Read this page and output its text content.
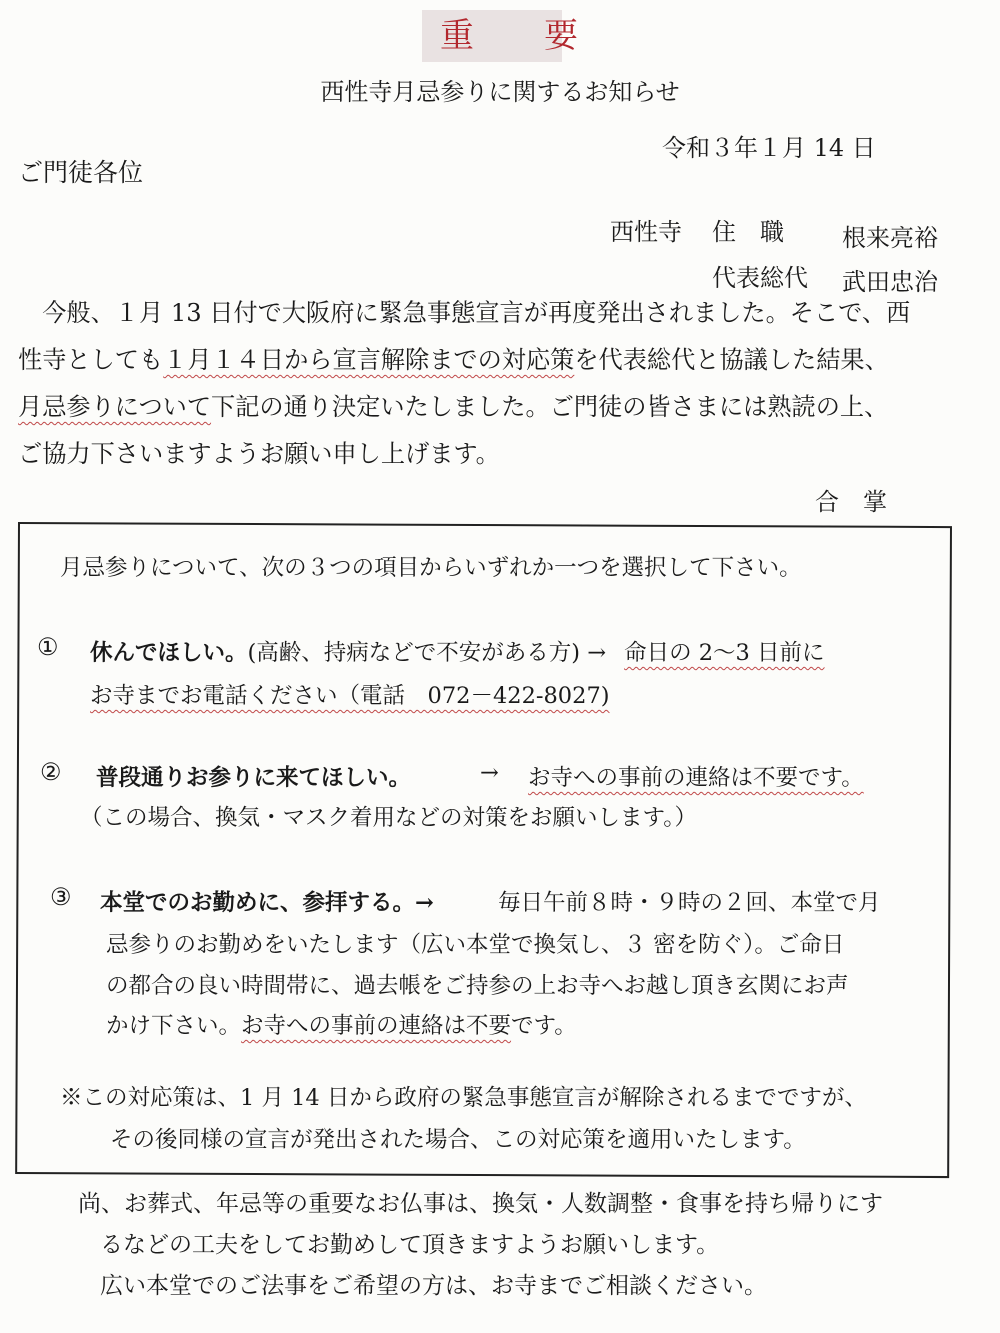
重　要
西性寺月忌参りに関するお知らせ
令和３年１月 14 日
ご門徒各位
西性寺 住　職 根来亮裕
代表総代 武田忠治
　今般、１月 13 日付で大阪府に緊急事態宣言が再度発出されました。そこで、西
性寺としても１月１４日から宣言解除までの対応策を代表総代と協議した結果、
月忌参りについて下記の通り決定いたしました。ご門徒の皆さまには熟読の上、
ご協力下さいますようお願い申し上げます。
合掌
月忌参りについて、次の３つの項目からいずれか一つを選択して下さい。
① 休んでほしい。(高齢、持病などで不安がある方) → 命日の 2〜3 日前に
お寺までお電話ください（電話　072－422-8027)
② 普段通りお参りに来てほしい。	→ お寺への事前の連絡は不要です。
（この場合、換気・マスク着用などの対策をお願いします。）
③ 本堂でのお勤めに、参拝する。→	毎日午前８時・９時の２回、本堂で月
忌参りのお勤めをいたします（広い本堂で換気し、３ 密を防ぐ）。ご命日
の都合の良い時間帯に、過去帳をご持参の上お寺へお越し頂き玄関にお声
かけ下さい。お寺への事前の連絡は不要です。
※この対応策は、1 月 14 日から政府の緊急事態宣言が解除されるまでですが、
その後同様の宣言が発出された場合、この対応策を適用いたします。
尚、お葬式、年忌等の重要なお仏事は、換気・人数調整・食事を持ち帰りにす
るなどの工夫をしてお勤めして頂きますようお願いします。
広い本堂でのご法事をご希望の方は、お寺までご相談ください。
